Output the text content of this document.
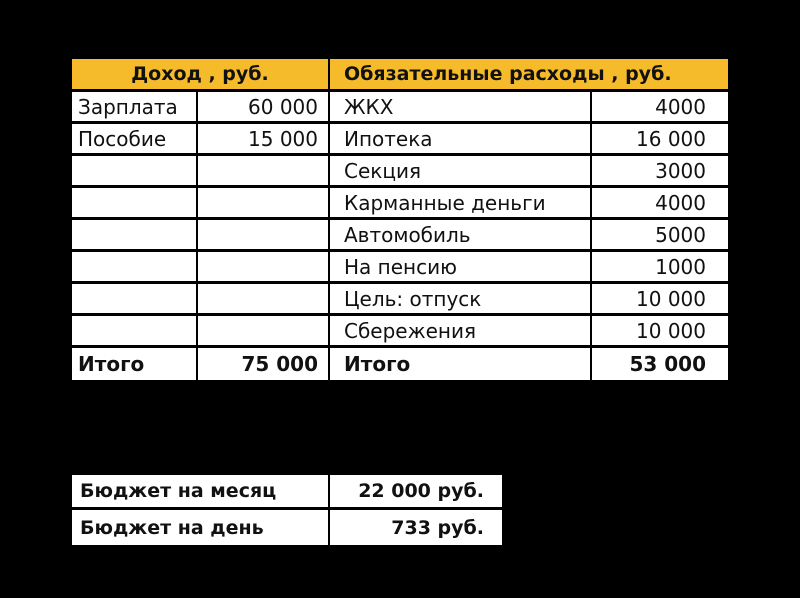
Доход , руб.		Обязательные расходы , руб.	
Зарплата	60 000	ЖКХ	4000
Пособие	15 000	Ипотека	16 000
		Секция	3000
		Карманные деньги	4000
		Автомобиль	5000
		На пенсию	1000
		Цель: отпуск	10 000
		Сбережения	10 000
Итого	75 000	Итого	53 000
Бюджет на месяц	22 000 руб.
Бюджет на день	733 руб.
